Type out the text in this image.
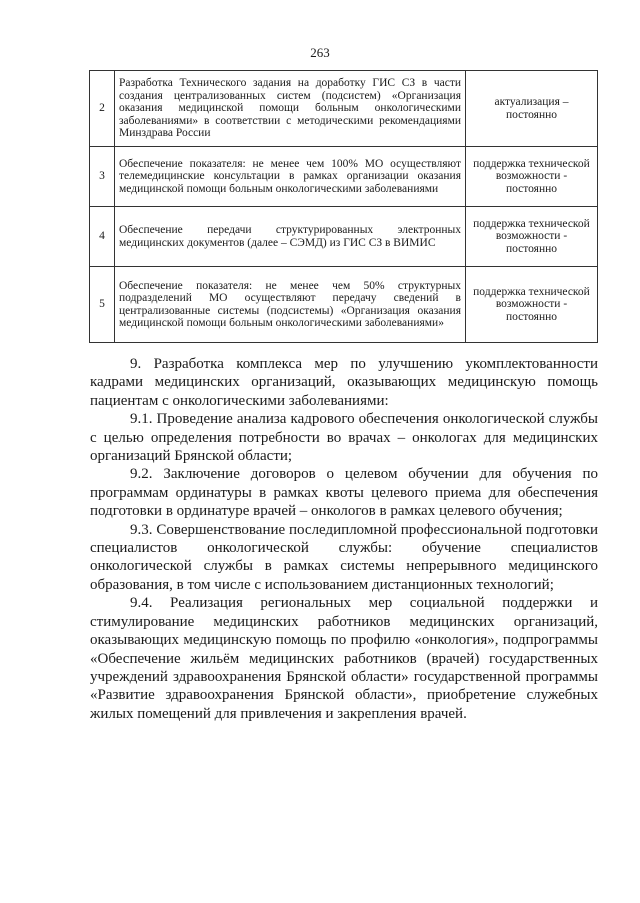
263
2	Разработка Технического задания на доработку ГИС СЗ в части создания централизованных систем (подсистем) «Организация оказания медицинской помощи больным онкологическими заболеваниями» в соответствии с методическими рекомендациями Минздрава России	актуализация – постоянно
3	Обеспечение показателя: не менее чем 100% МО осуществляют телемедицинские консультации в рамках организации оказания медицинской помощи больным онкологическими заболеваниями	поддержка технической возможности - постоянно
4	Обеспечение передачи структурированных электронных медицинских документов (далее – СЭМД) из ГИС СЗ в ВИМИС	поддержка технической возможности - постоянно
5	Обеспечение показателя: не менее чем 50% структурных подразделений МО осуществляют передачу сведений в централизованные системы (подсистемы) «Организация оказания медицинской помощи больным онкологическими заболеваниями»	поддержка технической возможности - постоянно

9. Разработка комплекса мер по улучшению укомплектованности кадрами медицинских организаций, оказывающих медицинскую помощь пациентам с онкологическими заболеваниями:

9.1. Проведение анализа кадрового обеспечения онкологической службы с целью определения потребности во врачах – онкологах для медицинских организаций Брянской области;

9.2. Заключение договоров о целевом обучении для обучения по программам ординатуры в рамках квоты целевого приема для обеспечения подготовки в ординатуре врачей – онкологов в рамках целевого обучения;

9.3. Совершенствование последипломной профессиональной подготовки специалистов онкологической службы: обучение специалистов онкологической службы в рамках системы непрерывного медицинского образования, в том числе с использованием дистанционных технологий;

9.4. Реализация региональных мер социальной поддержки и стимулирование медицинских работников медицинских организаций, оказывающих медицинскую помощь по профилю «онкология», подпрограммы «Обеспечение жильём медицинских работников (врачей) государственных учреждений здравоохранения Брянской области» государственной программы «Развитие здравоохранения Брянской области», приобретение служебных жилых помещений для привлечения и закрепления врачей.
